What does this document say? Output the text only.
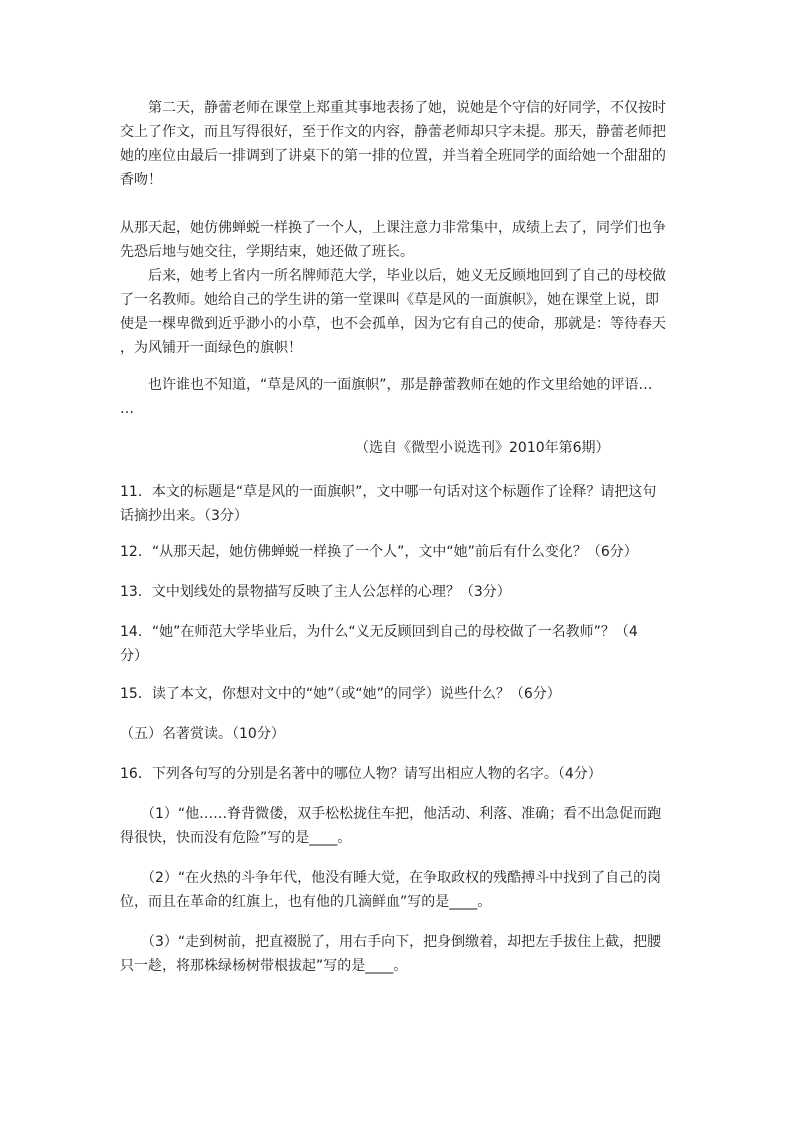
　　第二天，静蕾老师在课堂上郑重其事地表扬了她，说她是个守信的好同学，不仅按时
交上了作文，而且写得很好，至于作文的内容，静蕾老师却只字未提。那天，静蕾老师把
她的座位由最后一排调到了讲桌下的第一排的位置，并当着全班同学的面给她一个甜甜的
香吻！
从那天起，她仿佛蝉蜕一样换了一个人，上课注意力非常集中，成绩上去了，同学们也争
先恐后地与她交往，学期结束，她还做了班长。
　　后来，她考上省内一所名牌师范大学，毕业以后，她义无反顾地回到了自己的母校做
了一名教师。她给自己的学生讲的第一堂课叫《草是风的一面旗帜》，她在课堂上说，即
使是一棵卑微到近乎渺小的小草，也不会孤单，因为它有自己的使命，那就是：等待春天
，为风铺开一面绿色的旗帜！
　　也许谁也不知道，“草是风的一面旗帜”，那是静蕾教师在她的作文里给她的评语…
…
（选自《微型小说选刊》2010年第6期）
11．本文的标题是“草是风的一面旗帜”，文中哪一句话对这个标题作了诠释？请把这句
话摘抄出来。（3分）
12．“从那天起，她仿佛蝉蜕一样换了一个人”，文中“她”前后有什么变化？（6分）
13．文中划线处的景物描写反映了主人公怎样的心理？（3分）
14．“她”在师范大学毕业后，为什么“义无反顾回到自己的母校做了一名教师”？（4
分）
15．读了本文，你想对文中的“她”（或“她”的同学）说些什么？（6分）
（五）名著赏读。（10分）
16．下列各句写的分别是名著中的哪位人物？请写出相应人物的名字。（4分）
　　（1）“他……脊背微偻，双手松松拢住车把，他活动、利落、准确；看不出急促而跑
得很快，快而没有危险”写的是____。
　　（2）“在火热的斗争年代，他没有睡大觉，在争取政权的残酷搏斗中找到了自己的岗
位，而且在革命的红旗上，也有他的几滴鲜血”写的是____。
　　（3）“走到树前，把直裰脱了，用右手向下，把身倒缴着，却把左手拔住上截，把腰
只一趁，将那株绿杨树带根拔起”写的是____。
